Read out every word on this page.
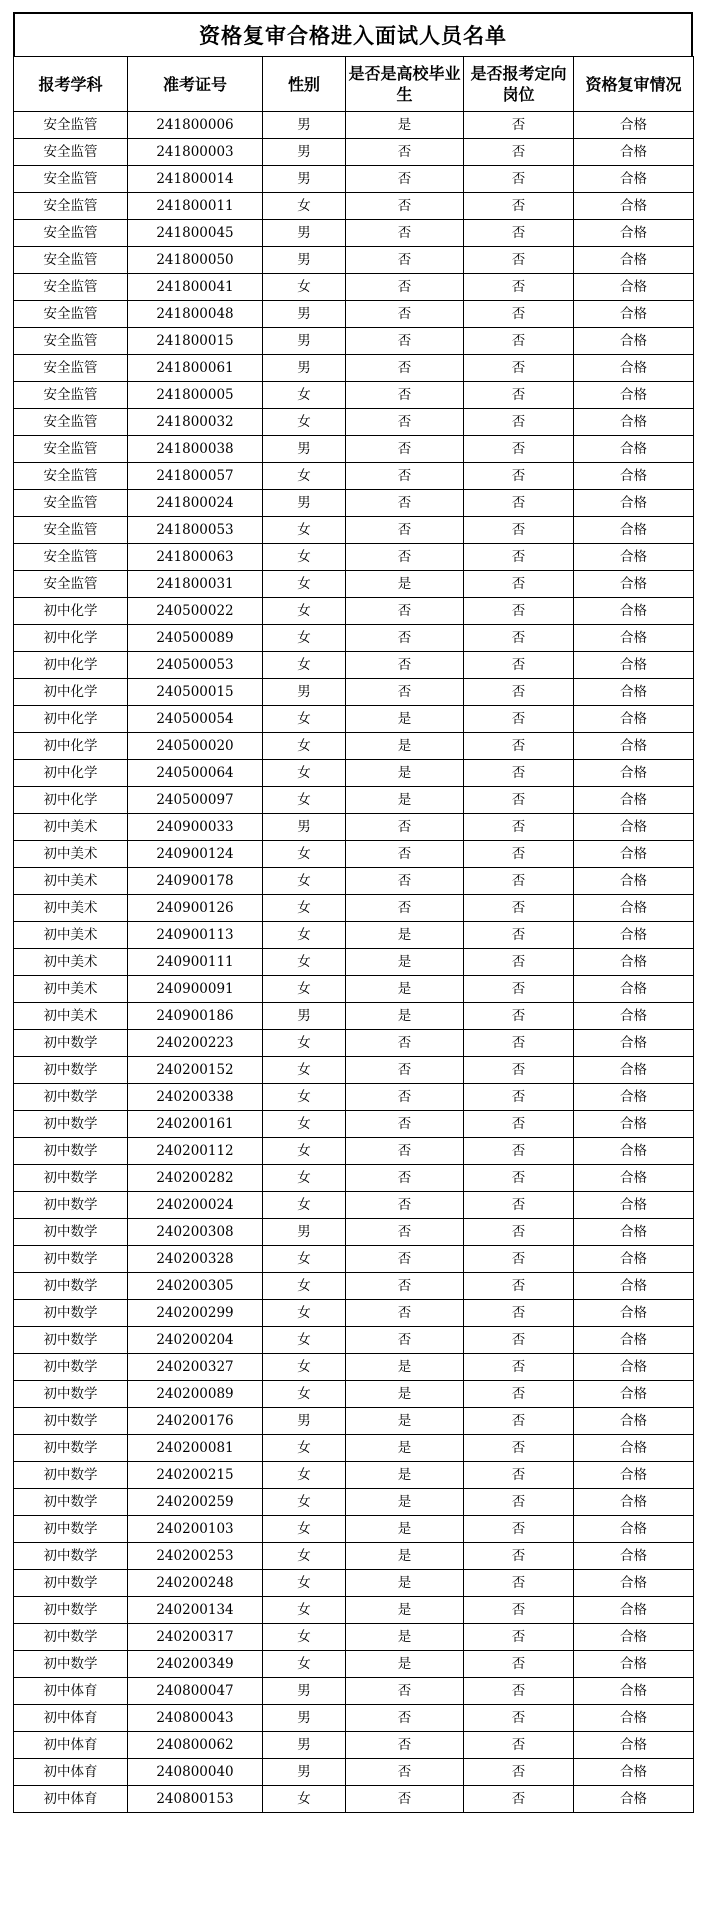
资格复审合格进入面试人员名单
报考学科	准考证号	性别	是否是高校毕业生	是否报考定向岗位	资格复审情况
安全监管	241800006	男	是	否	合格
安全监管	241800003	男	否	否	合格
安全监管	241800014	男	否	否	合格
安全监管	241800011	女	否	否	合格
安全监管	241800045	男	否	否	合格
安全监管	241800050	男	否	否	合格
安全监管	241800041	女	否	否	合格
安全监管	241800048	男	否	否	合格
安全监管	241800015	男	否	否	合格
安全监管	241800061	男	否	否	合格
安全监管	241800005	女	否	否	合格
安全监管	241800032	女	否	否	合格
安全监管	241800038	男	否	否	合格
安全监管	241800057	女	否	否	合格
安全监管	241800024	男	否	否	合格
安全监管	241800053	女	否	否	合格
安全监管	241800063	女	否	否	合格
安全监管	241800031	女	是	否	合格
初中化学	240500022	女	否	否	合格
初中化学	240500089	女	否	否	合格
初中化学	240500053	女	否	否	合格
初中化学	240500015	男	否	否	合格
初中化学	240500054	女	是	否	合格
初中化学	240500020	女	是	否	合格
初中化学	240500064	女	是	否	合格
初中化学	240500097	女	是	否	合格
初中美术	240900033	男	否	否	合格
初中美术	240900124	女	否	否	合格
初中美术	240900178	女	否	否	合格
初中美术	240900126	女	否	否	合格
初中美术	240900113	女	是	否	合格
初中美术	240900111	女	是	否	合格
初中美术	240900091	女	是	否	合格
初中美术	240900186	男	是	否	合格
初中数学	240200223	女	否	否	合格
初中数学	240200152	女	否	否	合格
初中数学	240200338	女	否	否	合格
初中数学	240200161	女	否	否	合格
初中数学	240200112	女	否	否	合格
初中数学	240200282	女	否	否	合格
初中数学	240200024	女	否	否	合格
初中数学	240200308	男	否	否	合格
初中数学	240200328	女	否	否	合格
初中数学	240200305	女	否	否	合格
初中数学	240200299	女	否	否	合格
初中数学	240200204	女	否	否	合格
初中数学	240200327	女	是	否	合格
初中数学	240200089	女	是	否	合格
初中数学	240200176	男	是	否	合格
初中数学	240200081	女	是	否	合格
初中数学	240200215	女	是	否	合格
初中数学	240200259	女	是	否	合格
初中数学	240200103	女	是	否	合格
初中数学	240200253	女	是	否	合格
初中数学	240200248	女	是	否	合格
初中数学	240200134	女	是	否	合格
初中数学	240200317	女	是	否	合格
初中数学	240200349	女	是	否	合格
初中体育	240800047	男	否	否	合格
初中体育	240800043	男	否	否	合格
初中体育	240800062	男	否	否	合格
初中体育	240800040	男	否	否	合格
初中体育	240800153	女	否	否	合格
